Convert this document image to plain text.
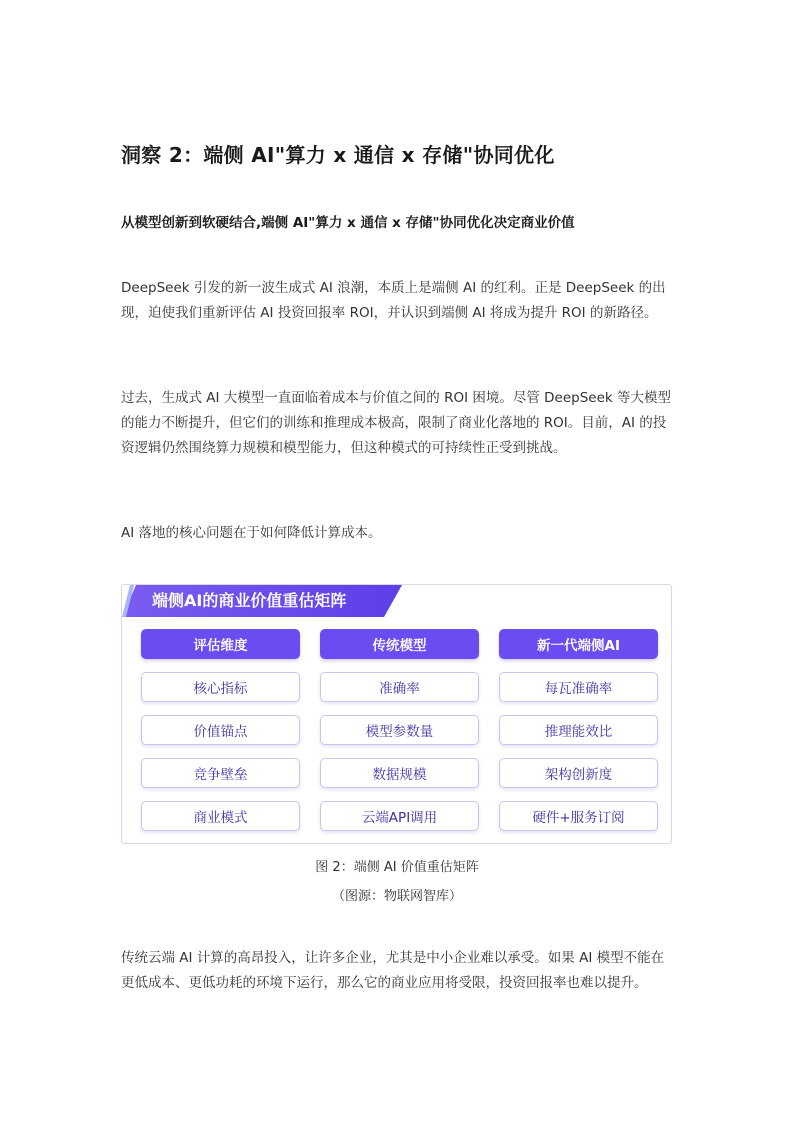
洞察 2：端侧 AI"算力 x 通信 x 存储"协同优化

从模型创新到软硬结合,端侧 AI"算力 x 通信 x 存储"协同优化决定商业价值

DeepSeek 引发的新一波生成式 AI 浪潮，本质上是端侧 AI 的红利。正是 DeepSeek 的出现，迫使我们重新评估 AI 投资回报率 ROI，并认识到端侧 AI 将成为提升 ROI 的新路径。

过去，生成式 AI 大模型一直面临着成本与价值之间的 ROI 困境。尽管 DeepSeek 等大模型的能力不断提升，但它们的训练和推理成本极高，限制了商业化落地的 ROI。目前，AI 的投资逻辑仍然围绕算力规模和模型能力，但这种模式的可持续性正受到挑战。

AI 落地的核心问题在于如何降低计算成本。

端侧AI的商业价值重估矩阵
评估维度	传统模型	新一代端侧AI
核心指标	准确率	每瓦准确率
价值锚点	模型参数量	推理能效比
竞争壁垒	数据规模	架构创新度
商业模式	云端API调用	硬件+服务订阅

图 2：端侧 AI 价值重估矩阵

（图源：物联网智库）

传统云端 AI 计算的高昂投入，让许多企业，尤其是中小企业难以承受。如果 AI 模型不能在更低成本、更低功耗的环境下运行，那么它的商业应用将受限，投资回报率也难以提升。
